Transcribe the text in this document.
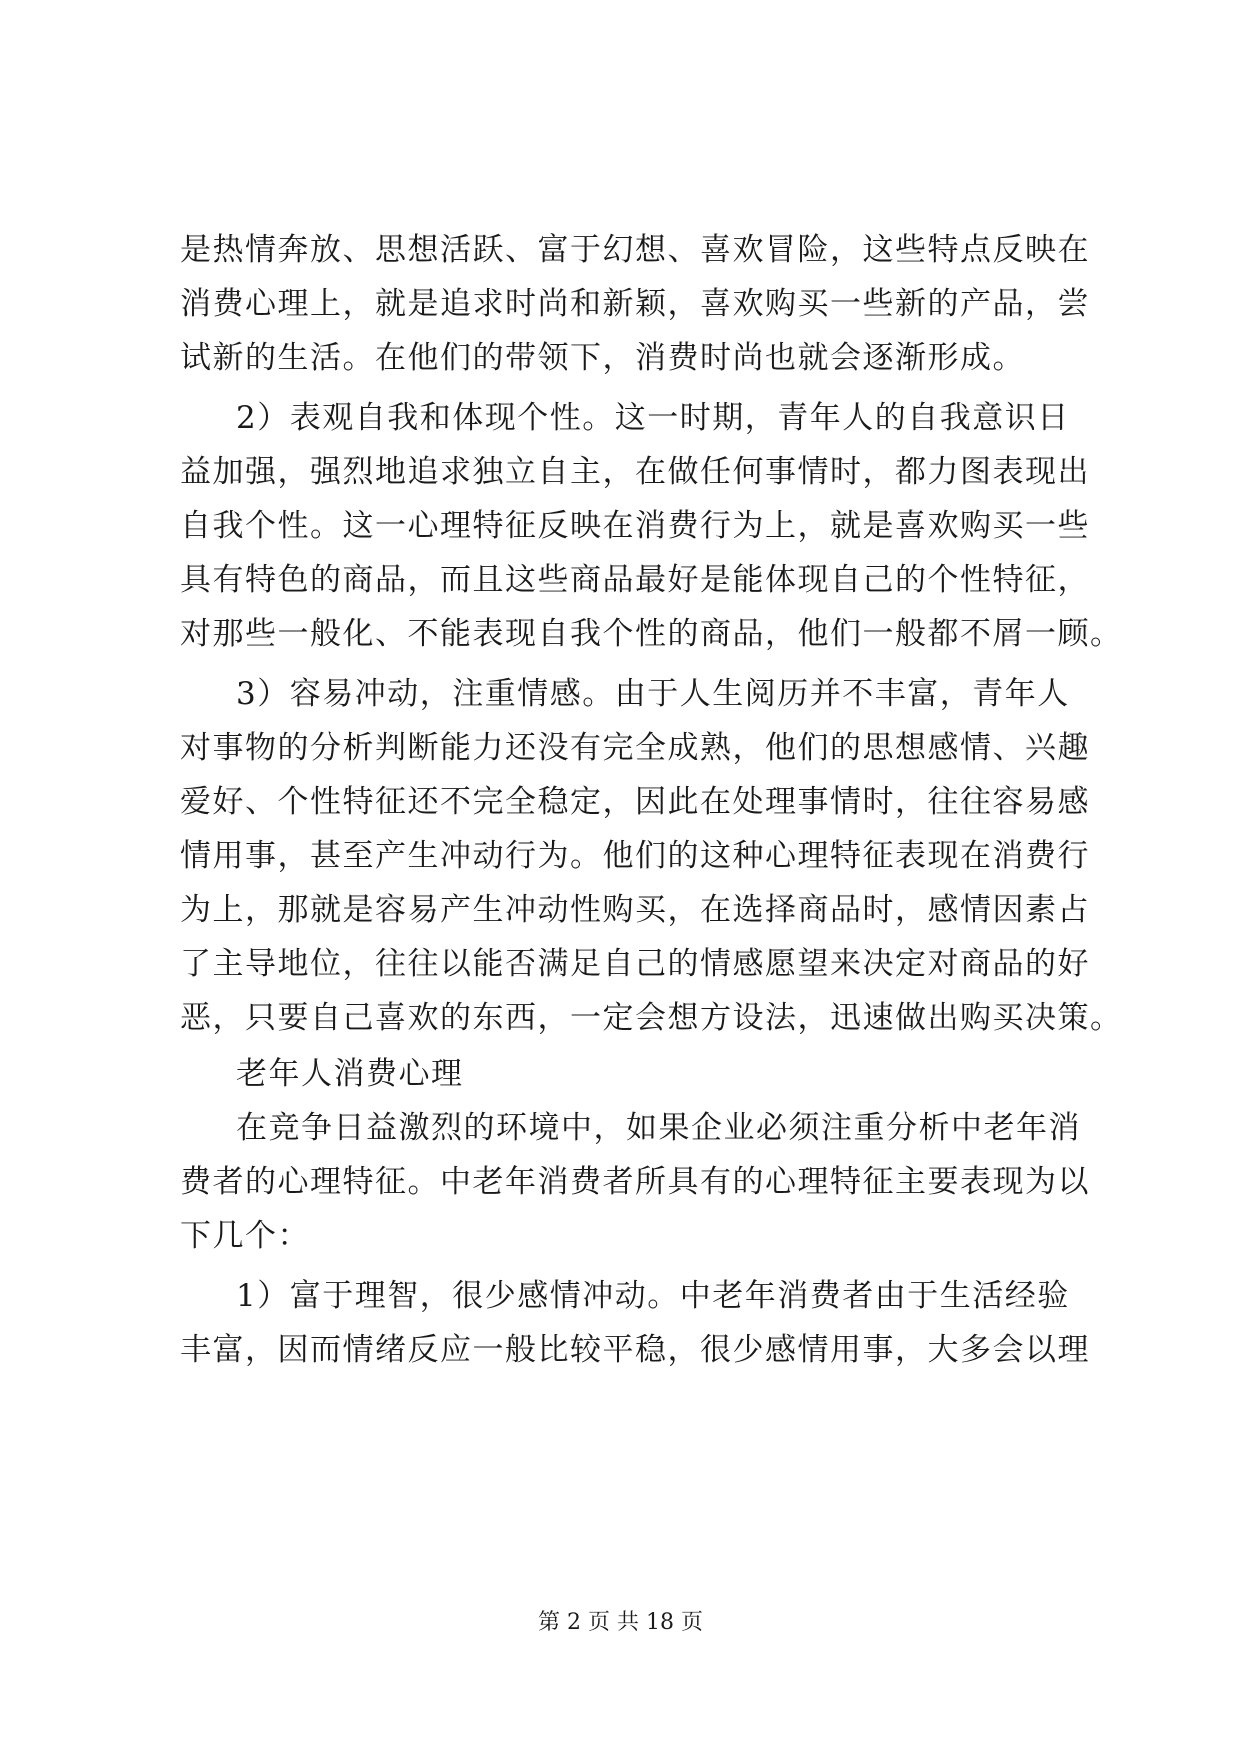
是热情奔放、思想活跃、富于幻想、喜欢冒险，这些特点反映在
消费心理上，就是追求时尚和新颖，喜欢购买一些新的产品，尝
试新的生活。在他们的带领下，消费时尚也就会逐渐形成。
2）表观自我和体现个性。这一时期，青年人的自我意识日
益加强，强烈地追求独立自主，在做任何事情时，都力图表现出
自我个性。这一心理特征反映在消费行为上，就是喜欢购买一些
具有特色的商品，而且这些商品最好是能体现自己的个性特征，
对那些一般化、不能表现自我个性的商品，他们一般都不屑一顾。
3）容易冲动，注重情感。由于人生阅历并不丰富，青年人
对事物的分析判断能力还没有完全成熟，他们的思想感情、兴趣
爱好、个性特征还不完全稳定，因此在处理事情时，往往容易感
情用事，甚至产生冲动行为。他们的这种心理特征表现在消费行
为上，那就是容易产生冲动性购买，在选择商品时，感情因素占
了主导地位，往往以能否满足自己的情感愿望来决定对商品的好
恶，只要自己喜欢的东西，一定会想方设法，迅速做出购买决策。
老年人消费心理
在竞争日益激烈的环境中，如果企业必须注重分析中老年消
费者的心理特征。中老年消费者所具有的心理特征主要表现为以
下几个：
1）富于理智，很少感情冲动。中老年消费者由于生活经验
丰富，因而情绪反应一般比较平稳，很少感情用事，大多会以理
第 2 页 共 18 页
